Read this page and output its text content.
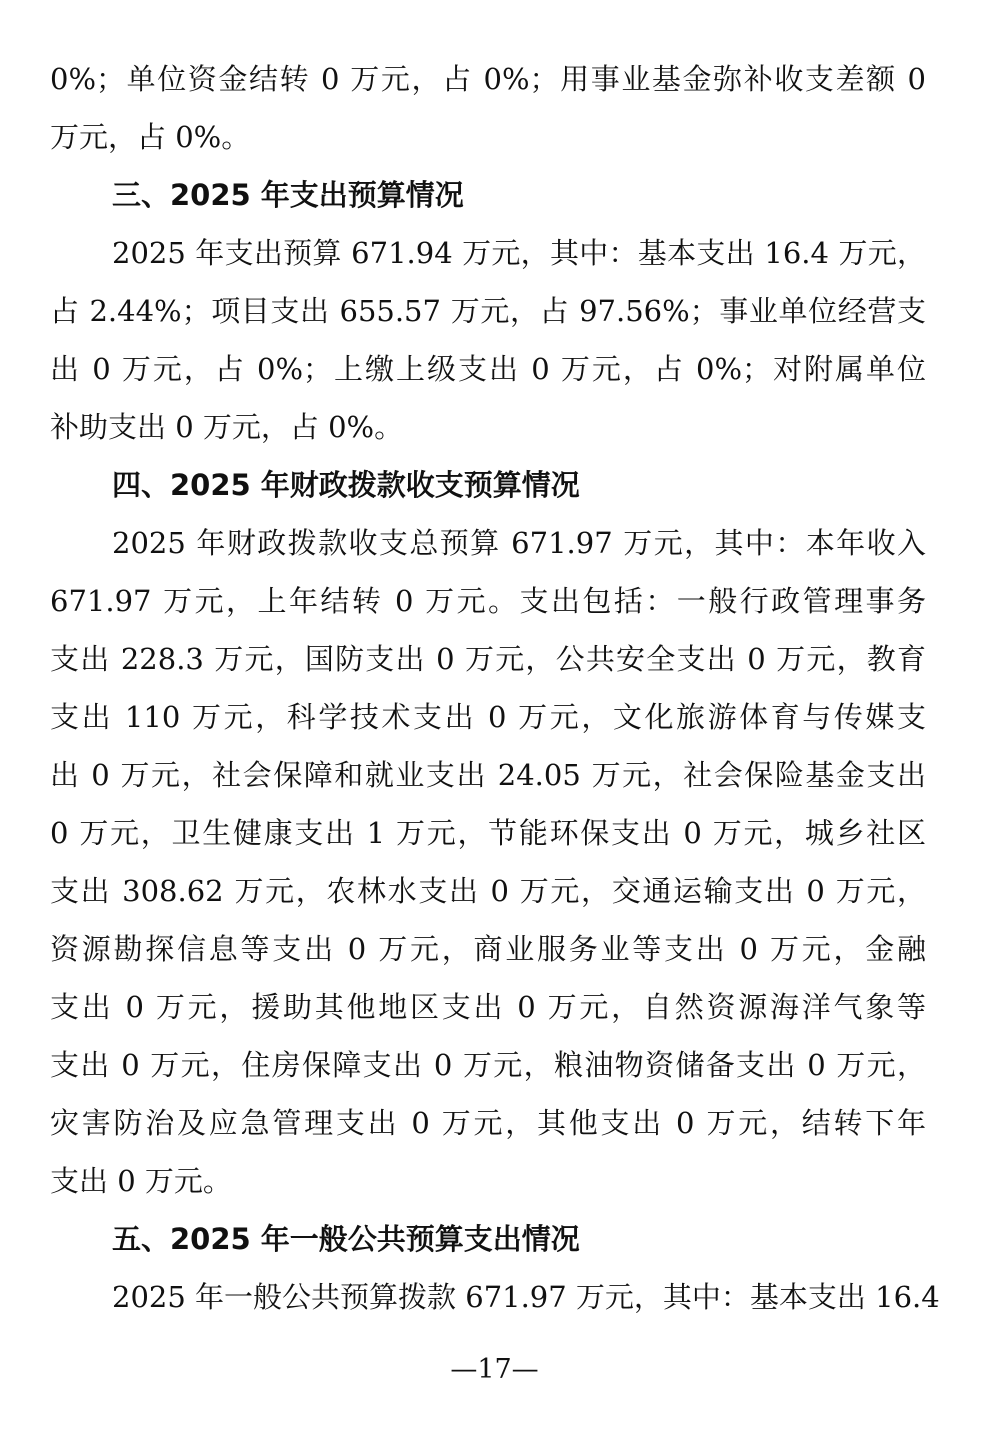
0%；单位资金结转 0 万元，占 0%；用事业基金弥补收支差额 0
万元，占 0%。
三、2025 年支出预算情况
2025 年支出预算 671.94 万元，其中：基本支出 16.4 万元，
占 2.44%；项目支出 655.57 万元，占 97.56%；事业单位经营支
出 0 万元，占 0%；上缴上级支出 0 万元，占 0%；对附属单位
补助支出 0 万元，占 0%。
四、2025 年财政拨款收支预算情况
2025 年财政拨款收支总预算 671.97 万元，其中：本年收入
671.97 万元，上年结转 0 万元。支出包括：一般行政管理事务
支出 228.3 万元，国防支出 0 万元，公共安全支出 0 万元，教育
支出 110 万元，科学技术支出 0 万元，文化旅游体育与传媒支
出 0 万元，社会保障和就业支出 24.05 万元，社会保险基金支出
0 万元，卫生健康支出 1 万元，节能环保支出 0 万元，城乡社区
支出 308.62 万元，农林水支出 0 万元，交通运输支出 0 万元，
资源勘探信息等支出 0 万元，商业服务业等支出 0 万元，金融
支出 0 万元，援助其他地区支出 0 万元，自然资源海洋气象等
支出 0 万元，住房保障支出 0 万元，粮油物资储备支出 0 万元，
灾害防治及应急管理支出 0 万元，其他支出 0 万元，结转下年
支出 0 万元。
五、2025 年一般公共预算支出情况
2025 年一般公共预算拨款 671.97 万元，其中：基本支出 16.4
—17—
